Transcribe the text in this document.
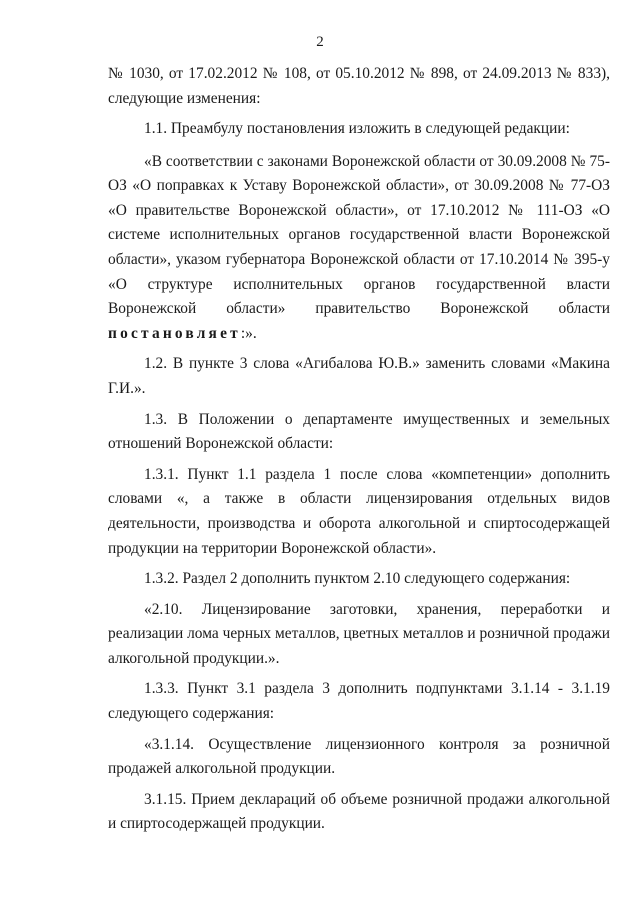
2

№ 1030, от 17.02.2012 № 108, от 05.10.2012 № 898, от 24.09.2013 № 833), следующие изменения:

1.1. Преамбулу постановления изложить в следующей редакции:

«В соответствии с законами Воронежской области от 30.09.2008 № 75-ОЗ «О поправках к Уставу Воронежской области», от 30.09.2008 № 77-ОЗ «О правительстве Воронежской области», от 17.10.2012 № 111-ОЗ «О системе исполнительных органов государственной власти Воронежской области», указом губернатора Воронежской области от 17.10.2014 № 395-у «О структуре исполнительных органов государственной власти Воронежской области» правительство Воронежской области постановляет:».

1.2. В пункте 3 слова «Агибалова Ю.В.» заменить словами «Макина Г.И.».

1.3. В Положении о департаменте имущественных и земельных отношений Воронежской области:

1.3.1. Пункт 1.1 раздела 1 после слова «компетенции» дополнить словами «, а также в области лицензирования отдельных видов деятельности, производства и оборота алкогольной и спиртосодержащей продукции на территории Воронежской области».

1.3.2. Раздел 2 дополнить пунктом 2.10 следующего содержания:

«2.10. Лицензирование заготовки, хранения, переработки и реализации лома черных металлов, цветных металлов и розничной продажи алкогольной продукции.».

1.3.3. Пункт 3.1 раздела 3 дополнить подпунктами 3.1.14 - 3.1.19 следующего содержания:

«3.1.14. Осуществление лицензионного контроля за розничной продажей алкогольной продукции.

3.1.15. Прием деклараций об объеме розничной продажи алкогольной и спиртосодержащей продукции.
